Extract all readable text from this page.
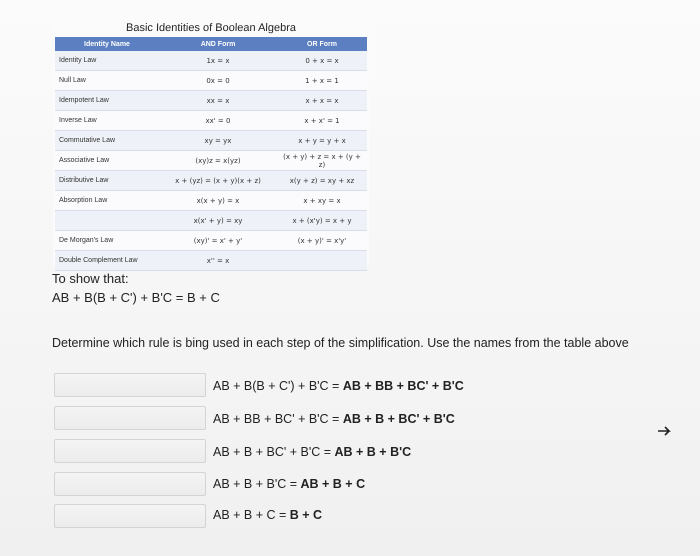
Basic Identities of Boolean Algebra
Identity Name	AND Form	OR Form
Identity Law	1x = x	0 + x = x
Null Law	0x = 0	1 + x = 1
Idempotent Law	xx = x	x + x = x
Inverse Law	xx' = 0	x + x' = 1
Commutative Law	xy = yx	x + y = y + x
Associative Law	(xy)z = x(yz)	(x + y) + z = x + (y + z)
Distributive Law	x + (yz) = (x + y)(x + z)	x(y + z) = xy + xz
Absorption Law	x(x + y) = x	x + xy = x
	x(x' + y) = xy	x + (x'y) = x + y
De Morgan's Law	(xy)' = x' + y'	(x + y)' = x'y'
Double Complement Law	x'' = x	
To show that:
AB + B(B + C') + B'C = B + C
Determine which rule is bing used in each step of the simplification. Use the names from the table above
AB + B(B + C') + B'C = AB + BB + BC' + B'C
AB + BB + BC' + B'C = AB + B + BC' + B'C
AB + B + BC' + B'C = AB + B + B'C
AB + B + B'C = AB + B + C
AB + B + C = B + C
